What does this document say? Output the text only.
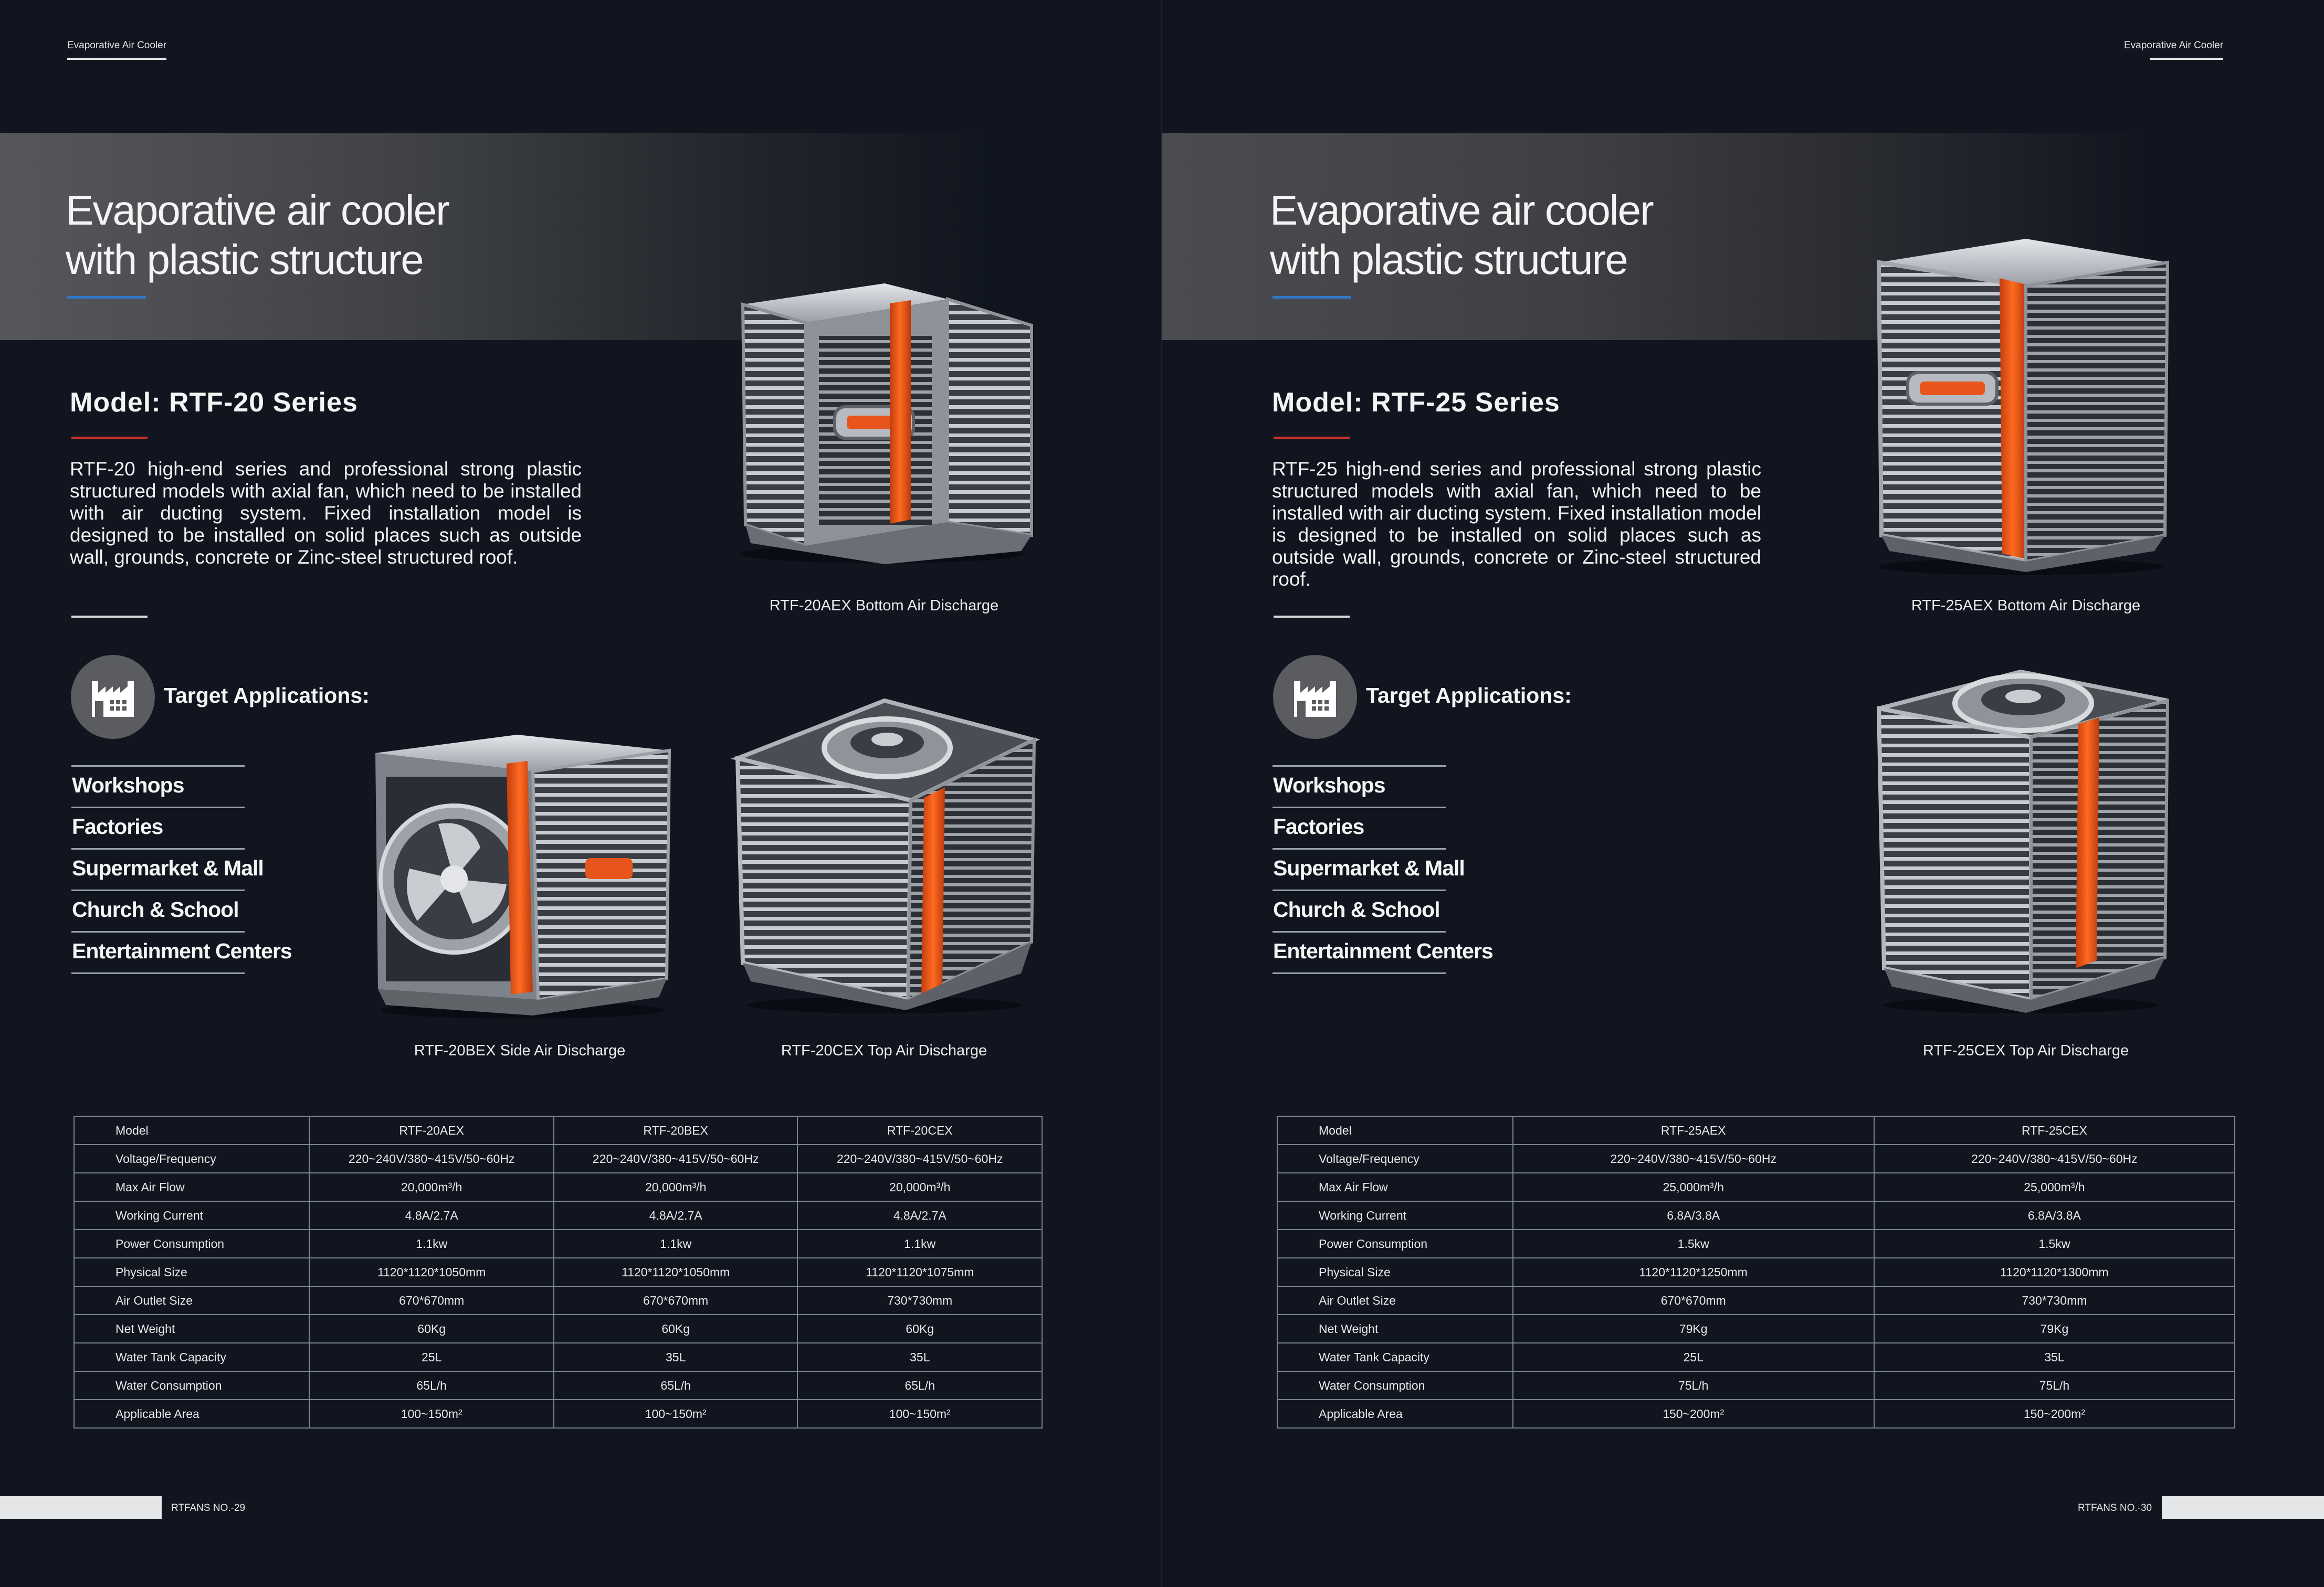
Evaporative Air Cooler
Evaporative air cooler
with plastic structure
Model: RTF-20 Series
RTF-20 high-end series and professional strong plastic structured models with axial fan, which need to be installed with air ducting system. Fixed installation model is designed to be installed on solid places such as outside wall, grounds, concrete or Zinc-steel structured roof.
Target Applications:
Workshops
Factories
Supermarket & Mall
Church & School
Entertainment Centers
RTF-20AEX Bottom Air Discharge
RTF-20BEX Side Air Discharge	RTF-20CEX Top Air Discharge
Model	RTF-20AEX	RTF-20BEX	RTF-20CEX
Voltage/Frequency	220~240V/380~415V/50~60Hz	220~240V/380~415V/50~60Hz	220~240V/380~415V/50~60Hz
Max Air Flow	20,000m³/h	20,000m³/h	20,000m³/h
Working Current	4.8A/2.7A	4.8A/2.7A	4.8A/2.7A
Power Consumption	1.1kw	1.1kw	1.1kw
Physical Size	1120*1120*1050mm	1120*1120*1050mm	1120*1120*1075mm
Air Outlet Size	670*670mm	670*670mm	730*730mm
Net Weight	60Kg	60Kg	60Kg
Water Tank Capacity	25L	35L	35L
Water Consumption	65L/h	65L/h	65L/h
Applicable Area	100~150m²	100~150m²	100~150m²
RTFANS NO.-29
Evaporative Air Cooler
Evaporative air cooler
with plastic structure
Model: RTF-25 Series
RTF-25 high-end series and professional strong plastic structured models with axial fan, which need to be installed with air ducting system. Fixed installation model is designed to be installed on solid places such as outside wall, grounds, concrete or Zinc-steel structured roof.
Target Applications:
Workshops
Factories
Supermarket & Mall
Church & School
Entertainment Centers
RTF-25AEX Bottom Air Discharge
RTF-25CEX Top Air Discharge
Model	RTF-25AEX	RTF-25CEX
Voltage/Frequency	220~240V/380~415V/50~60Hz	220~240V/380~415V/50~60Hz
Max Air Flow	25,000m³/h	25,000m³/h
Working Current	6.8A/3.8A	6.8A/3.8A
Power Consumption	1.5kw	1.5kw
Physical Size	1120*1120*1250mm	1120*1120*1300mm
Air Outlet Size	670*670mm	730*730mm
Net Weight	79Kg	79Kg
Water Tank Capacity	25L	35L
Water Consumption	75L/h	75L/h
Applicable Area	150~200m²	150~200m²
RTFANS NO.-30
